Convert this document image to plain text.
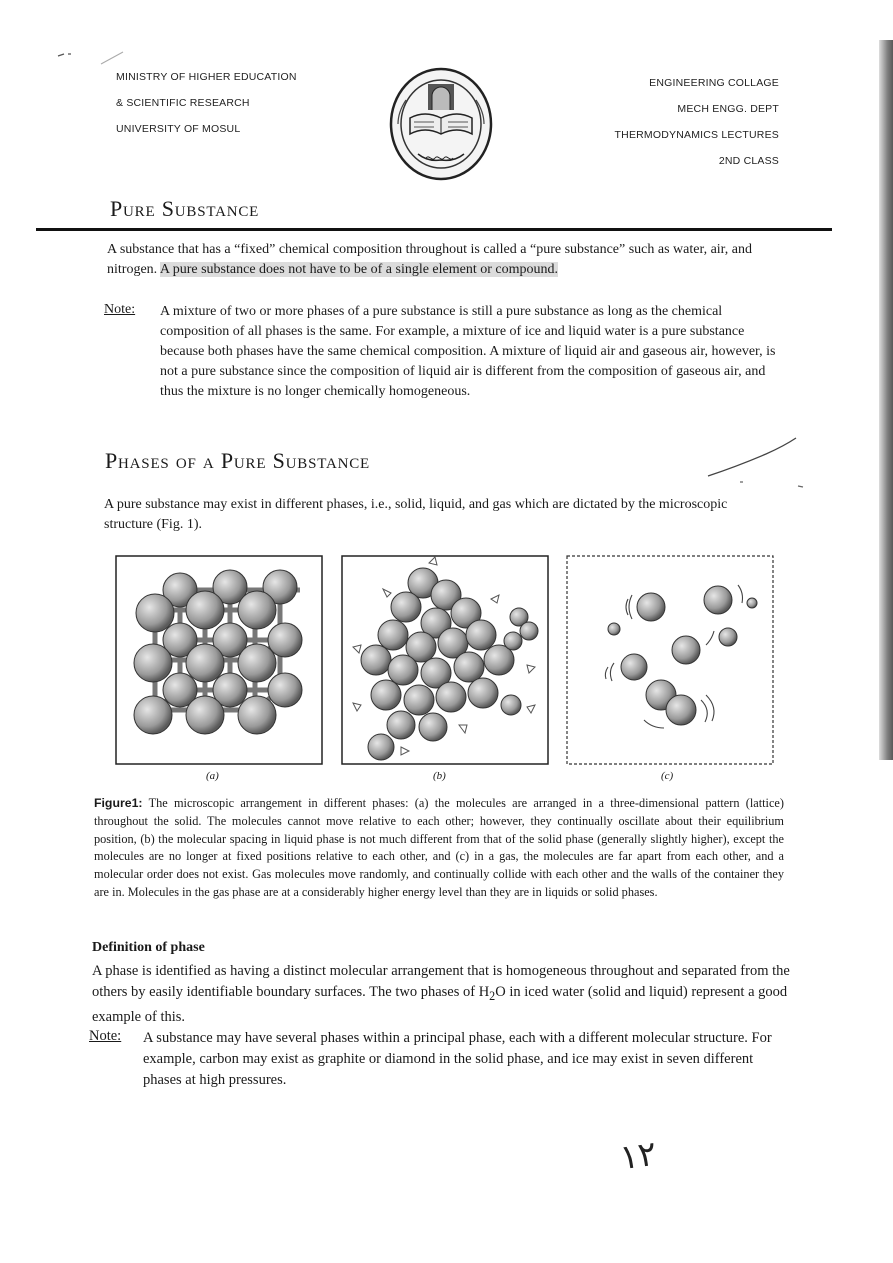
MINISTRY OF HIGHER EDUCATION
& SCIENTIFIC RESEARCH
UNIVERSITY OF MOSUL
ENGINEERING COLLAGE
MECH ENGG. DEPT
THERMODYNAMICS LECTURES
2ND CLASS
Pure Substance

A substance that has a “fixed” chemical composition throughout is called a “pure substance” such as water, air, and nitrogen. A pure substance does not have to be of a single element or compound.

Note: A mixture of two or more phases of a pure substance is still a pure substance as long as the chemical composition of all phases is the same. For example, a mixture of ice and liquid water is a pure substance because both phases have the same chemical composition. A mixture of liquid air and gaseous air, however, is not a pure substance since the composition of liquid air is different from the composition of gaseous air, and thus the mixture is no longer chemically homogeneous.

Phases of a Pure Substance

A pure substance may exist in different phases, i.e., solid, liquid, and gas which are dictated by the microscopic structure (Fig. 1).

(a)	(b)	(c)

Figure1: The microscopic arrangement in different phases: (a) the molecules are arranged in a three-dimensional pattern (lattice) throughout the solid. The molecules cannot move relative to each other; however, they continually oscillate about their equilibrium position, (b) the molecular spacing in liquid phase is not much different from that of the solid phase (generally slightly higher), except the molecules are no longer at fixed positions relative to each other, and (c) in a gas, the molecules are far apart from each other, and a molecular order does not exist. Gas molecules move randomly, and continually collide with each other and the walls of the container they are in. Molecules in the gas phase are at a considerably higher energy level than they are in liquids or solid phases.

Definition of phase

A phase is identified as having a distinct molecular arrangement that is homogeneous throughout and separated from the others by easily identifiable boundary surfaces. The two phases of $H_2O$ in iced water (solid and liquid) represent a good example of this.

Note: A substance may have several phases within a principal phase, each with a different molecular structure. For example, carbon may exist as graphite or diamond in the solid phase, and ice may exist in seven different phases at high pressures.

١٢
